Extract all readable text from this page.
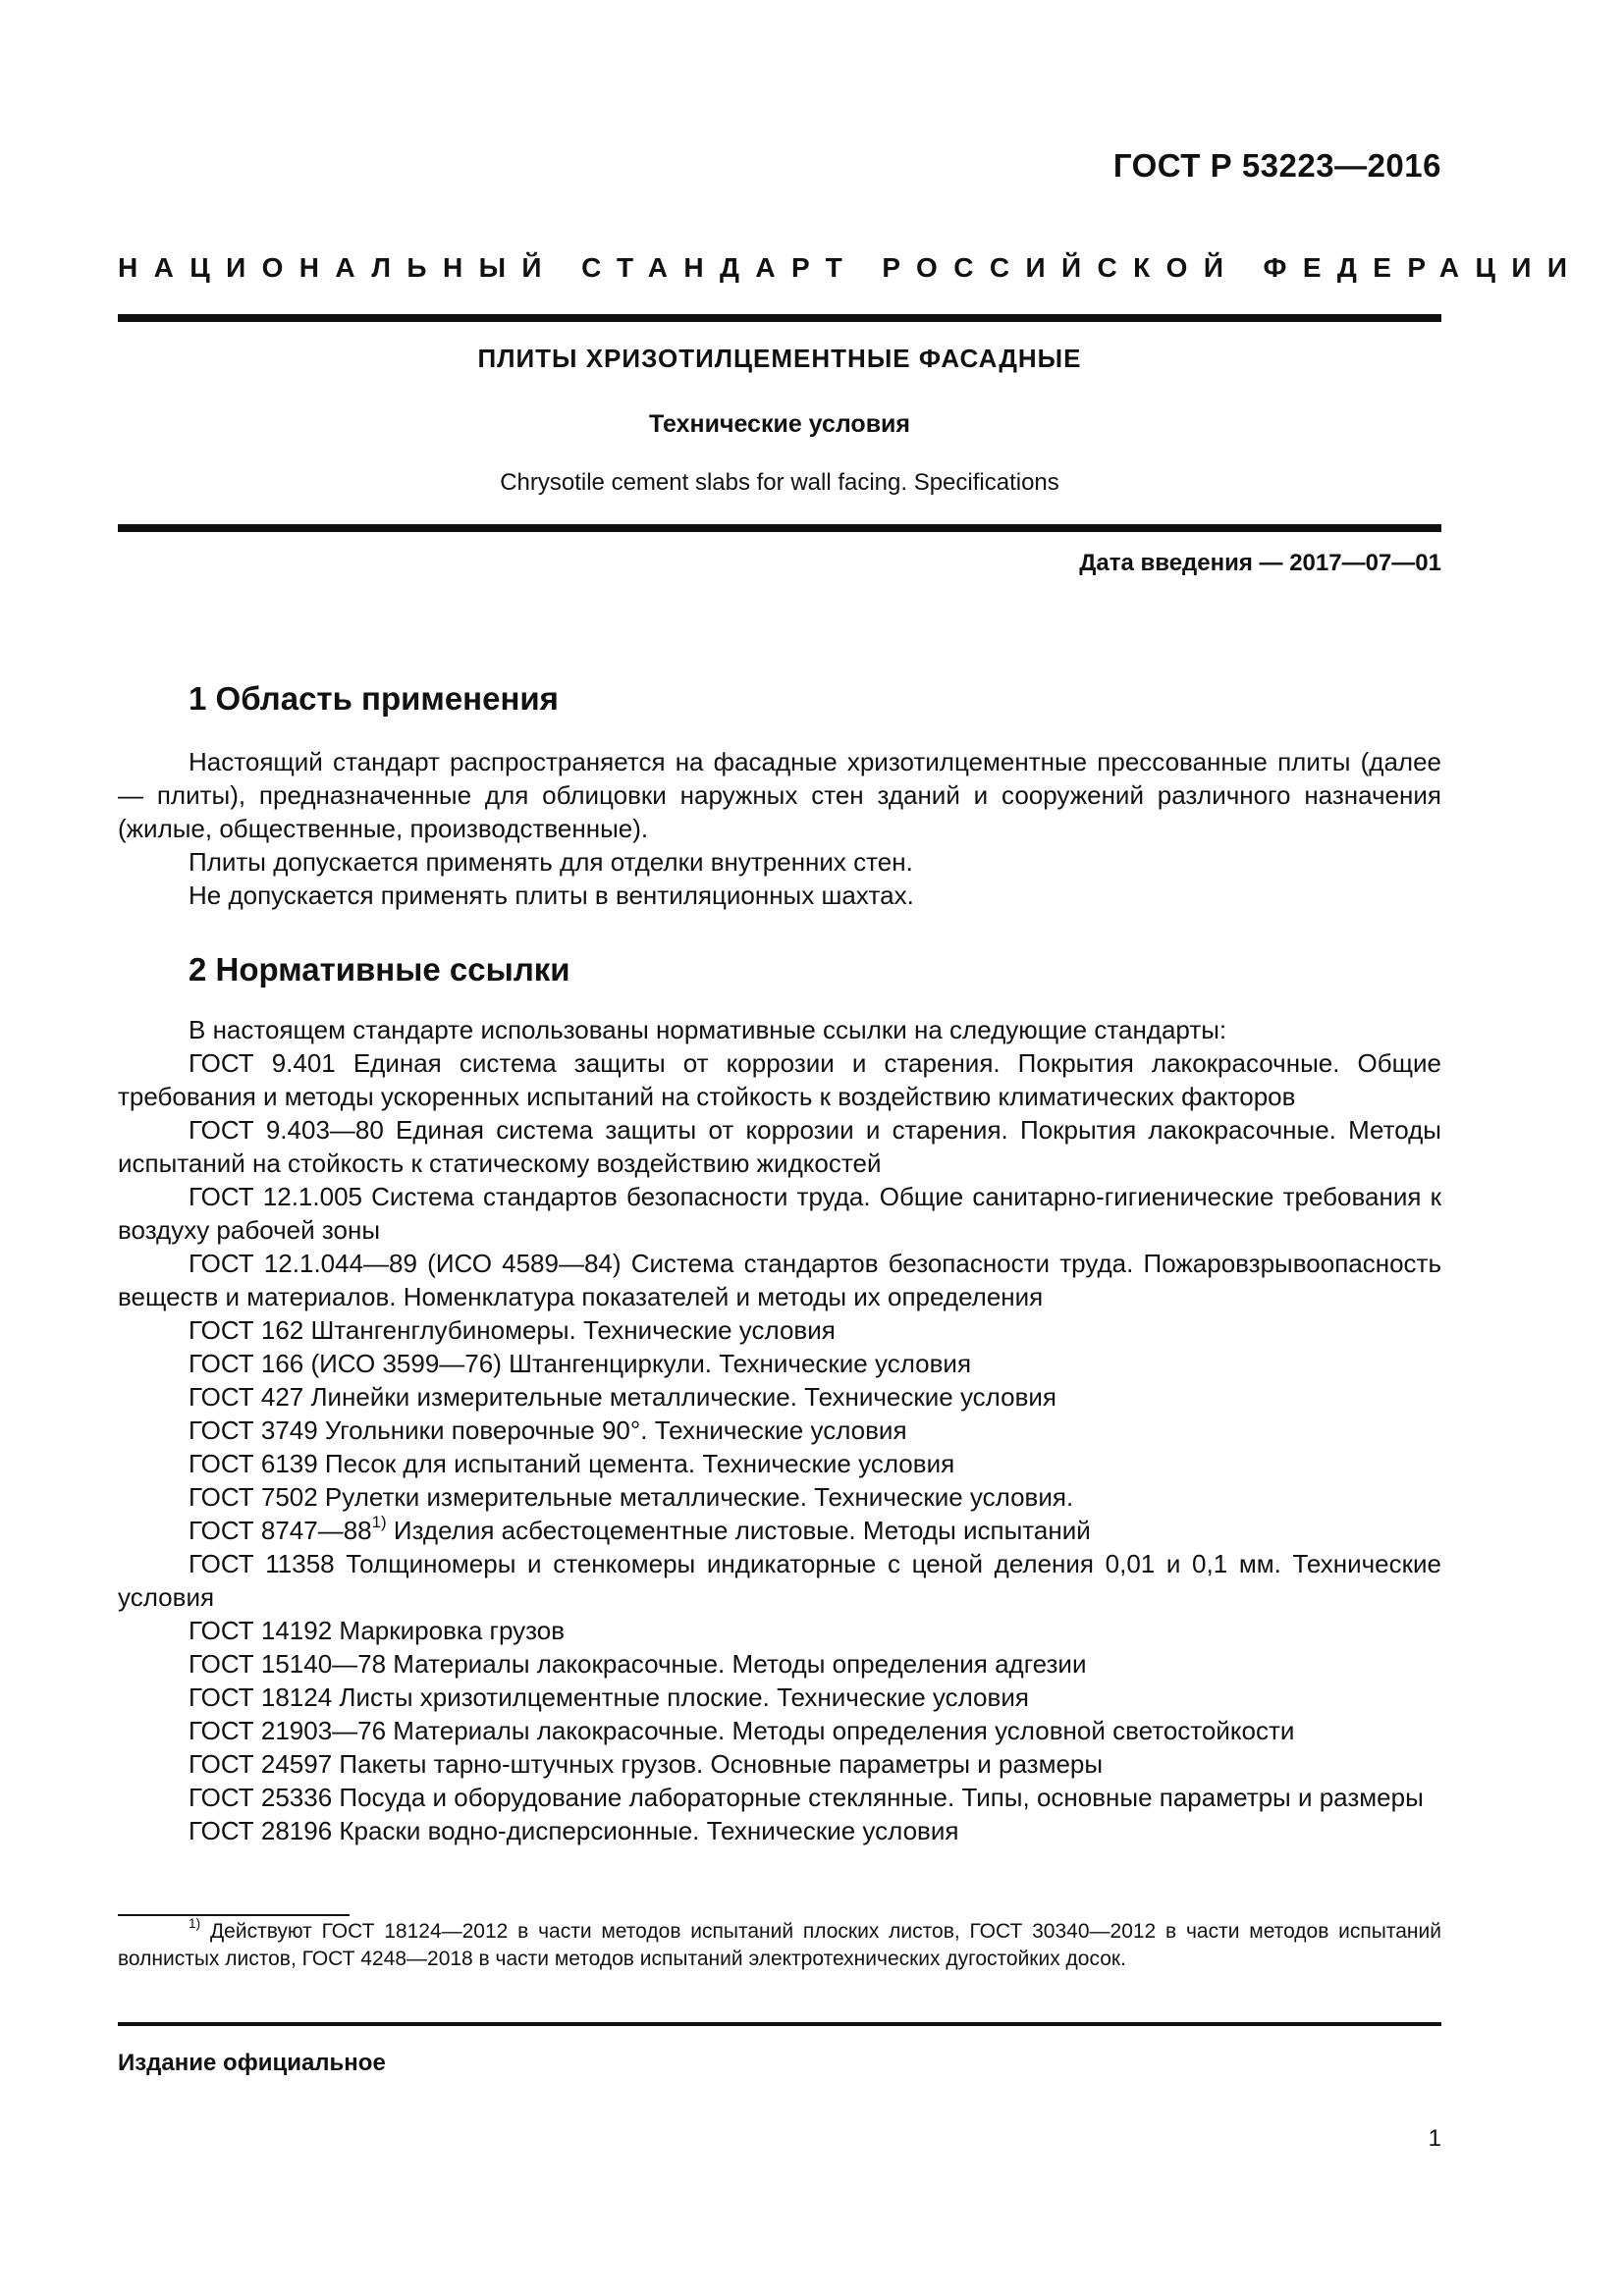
ГОСТ Р 53223—2016
НАЦИОНАЛЬНЫЙ СТАНДАРТ РОССИЙСКОЙ ФЕДЕРАЦИИ
ПЛИТЫ ХРИЗОТИЛЦЕМЕНТНЫЕ ФАСАДНЫЕ
Технические условия
Chrysotile cement slabs for wall facing. Specifications
Дата введения — 2017—07—01
1 Область применения

Настоящий стандарт распространяется на фасадные хризотилцементные прессованные плиты (далее — плиты), предназначенные для облицовки наружных стен зданий и сооружений различного назначения (жилые, общественные, производственные).

Плиты допускается применять для отделки внутренних стен.

Не допускается применять плиты в вентиляционных шахтах.

2 Нормативные ссылки

В настоящем стандарте использованы нормативные ссылки на следующие стандарты:

ГОСТ 9.401 Единая система защиты от коррозии и старения. Покрытия лакокрасочные. Общие требования и методы ускоренных испытаний на стойкость к воздействию климатических факторов

ГОСТ 9.403—80 Единая система защиты от коррозии и старения. Покрытия лакокрасочные. Методы испытаний на стойкость к статическому воздействию жидкостей

ГОСТ 12.1.005 Система стандартов безопасности труда. Общие санитарно-гигиенические требования к воздуху рабочей зоны

ГОСТ 12.1.044—89 (ИСО 4589—84) Система стандартов безопасности труда. Пожаровзрывоопасность веществ и материалов. Номенклатура показателей и методы их определения

ГОСТ 162 Штангенглубиномеры. Технические условия

ГОСТ 166 (ИСО 3599—76) Штангенциркули. Технические условия

ГОСТ 427 Линейки измерительные металлические. Технические условия

ГОСТ 3749 Угольники поверочные 90°. Технические условия

ГОСТ 6139 Песок для испытаний цемента. Технические условия

ГОСТ 7502 Рулетки измерительные металлические. Технические условия.

ГОСТ 8747—88$^{1)}$ Изделия асбестоцементные листовые. Методы испытаний

ГОСТ 11358 Толщиномеры и стенкомеры индикаторные с ценой деления 0,01 и 0,1 мм. Технические условия

ГОСТ 14192 Маркировка грузов

ГОСТ 15140—78 Материалы лакокрасочные. Методы определения адгезии

ГОСТ 18124 Листы хризотилцементные плоские. Технические условия

ГОСТ 21903—76 Материалы лакокрасочные. Методы определения условной светостойкости

ГОСТ 24597 Пакеты тарно-штучных грузов. Основные параметры и размеры

ГОСТ 25336 Посуда и оборудование лабораторные стеклянные. Типы, основные параметры и размеры

ГОСТ 28196 Краски водно-дисперсионные. Технические условия

$^{1)}$ Действуют ГОСТ 18124—2012 в части методов испытаний плоских листов, ГОСТ 30340—2012 в части методов испытаний волнистых листов, ГОСТ 4248—2018 в части методов испытаний электротехнических дугостойких досок.
Издание официальное
1
